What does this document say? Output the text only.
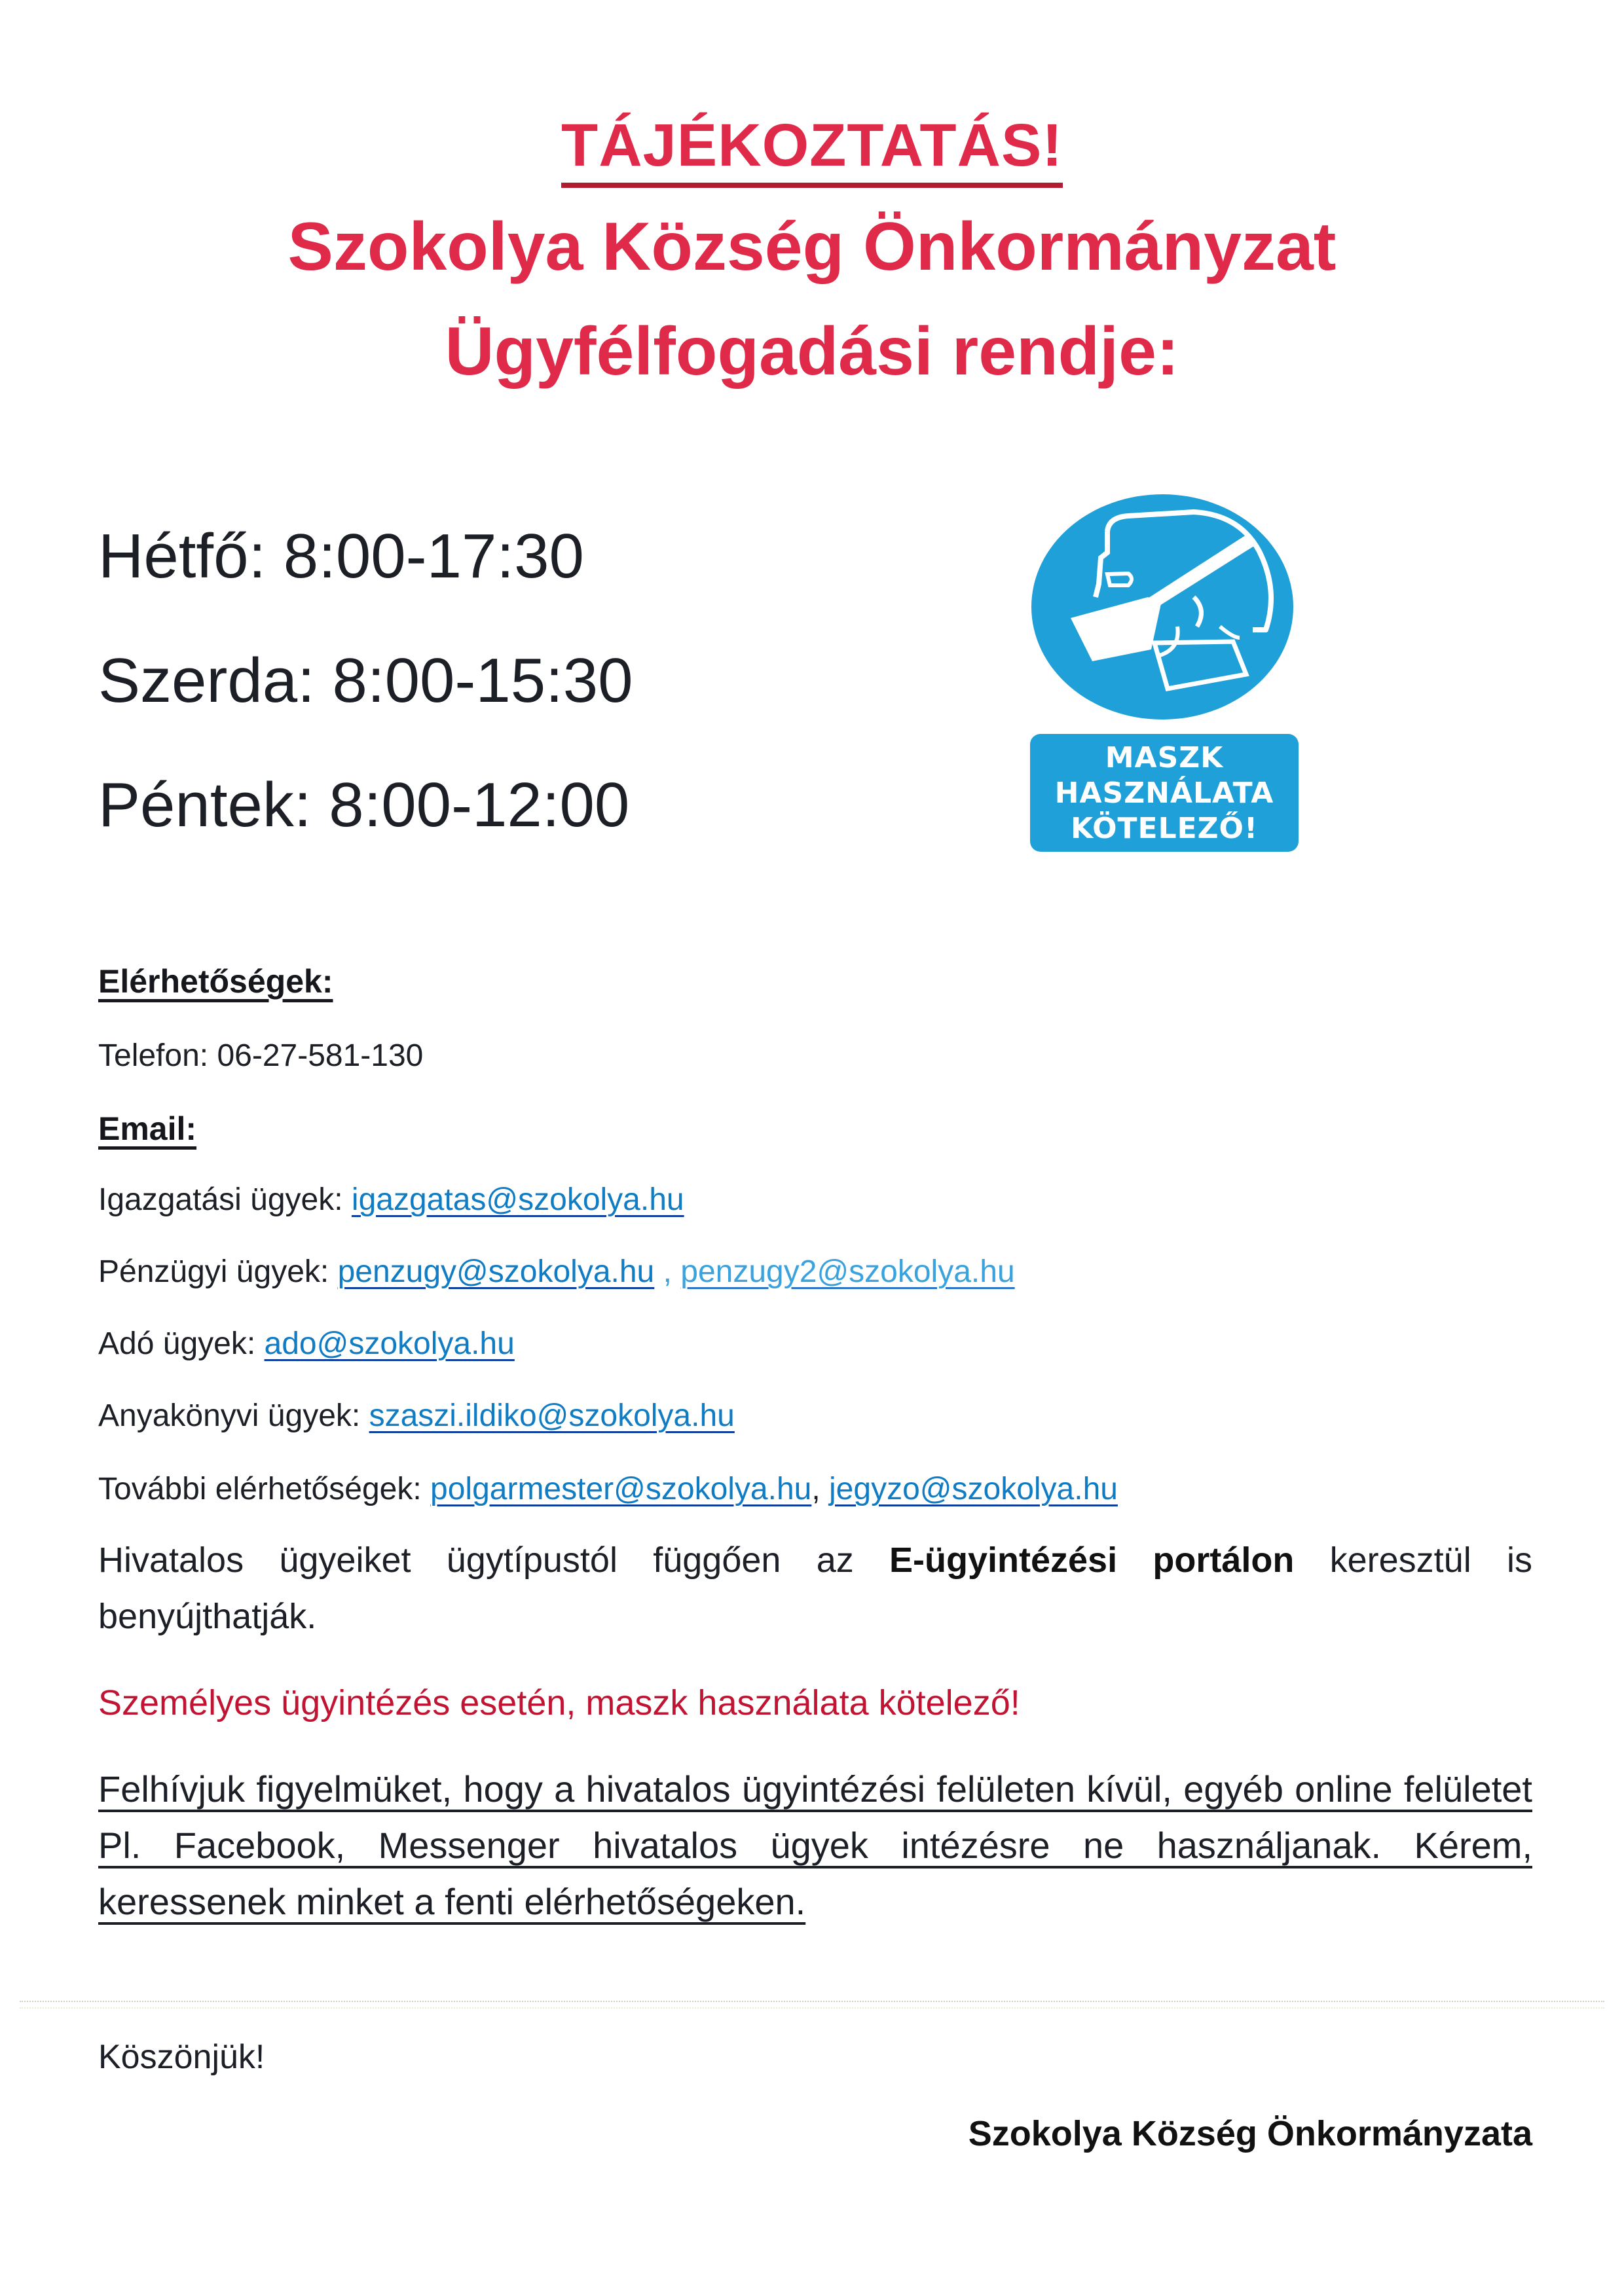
TÁJÉKOZTATÁS!
Szokolya Község Önkormányzat
Ügyfélfogadási rendje:
Hétfő: 8:00-17:30
Szerda: 8:00-15:30
Péntek: 8:00-12:00
MASZK
HASZNÁLATA
KÖTELEZŐ!
Elérhetőségek:
Telefon: 06-27-581-130
Email:
Igazgatási ügyek: igazgatas@szokolya.hu
Pénzügyi ügyek: penzugy@szokolya.hu , penzugy2@szokolya.hu
Adó ügyek: ado@szokolya.hu
Anyakönyvi ügyek: szaszi.ildiko@szokolya.hu
További elérhetőségek: polgarmester@szokolya.hu, jegyzo@szokolya.hu
Hivatalos ügyeiket ügytípustól függően az E-ügyintézési portálon keresztül is benyújthatják.
Személyes ügyintézés esetén, maszk használata kötelező!
Felhívjuk figyelmüket, hogy a hivatalos ügyintézési felületen kívül, egyéb online felületet Pl. Facebook, Messenger hivatalos ügyek intézésre ne használjanak. Kérem, keressenek minket a fenti elérhetőségeken.
Köszönjük!
Szokolya Község Önkormányzata
